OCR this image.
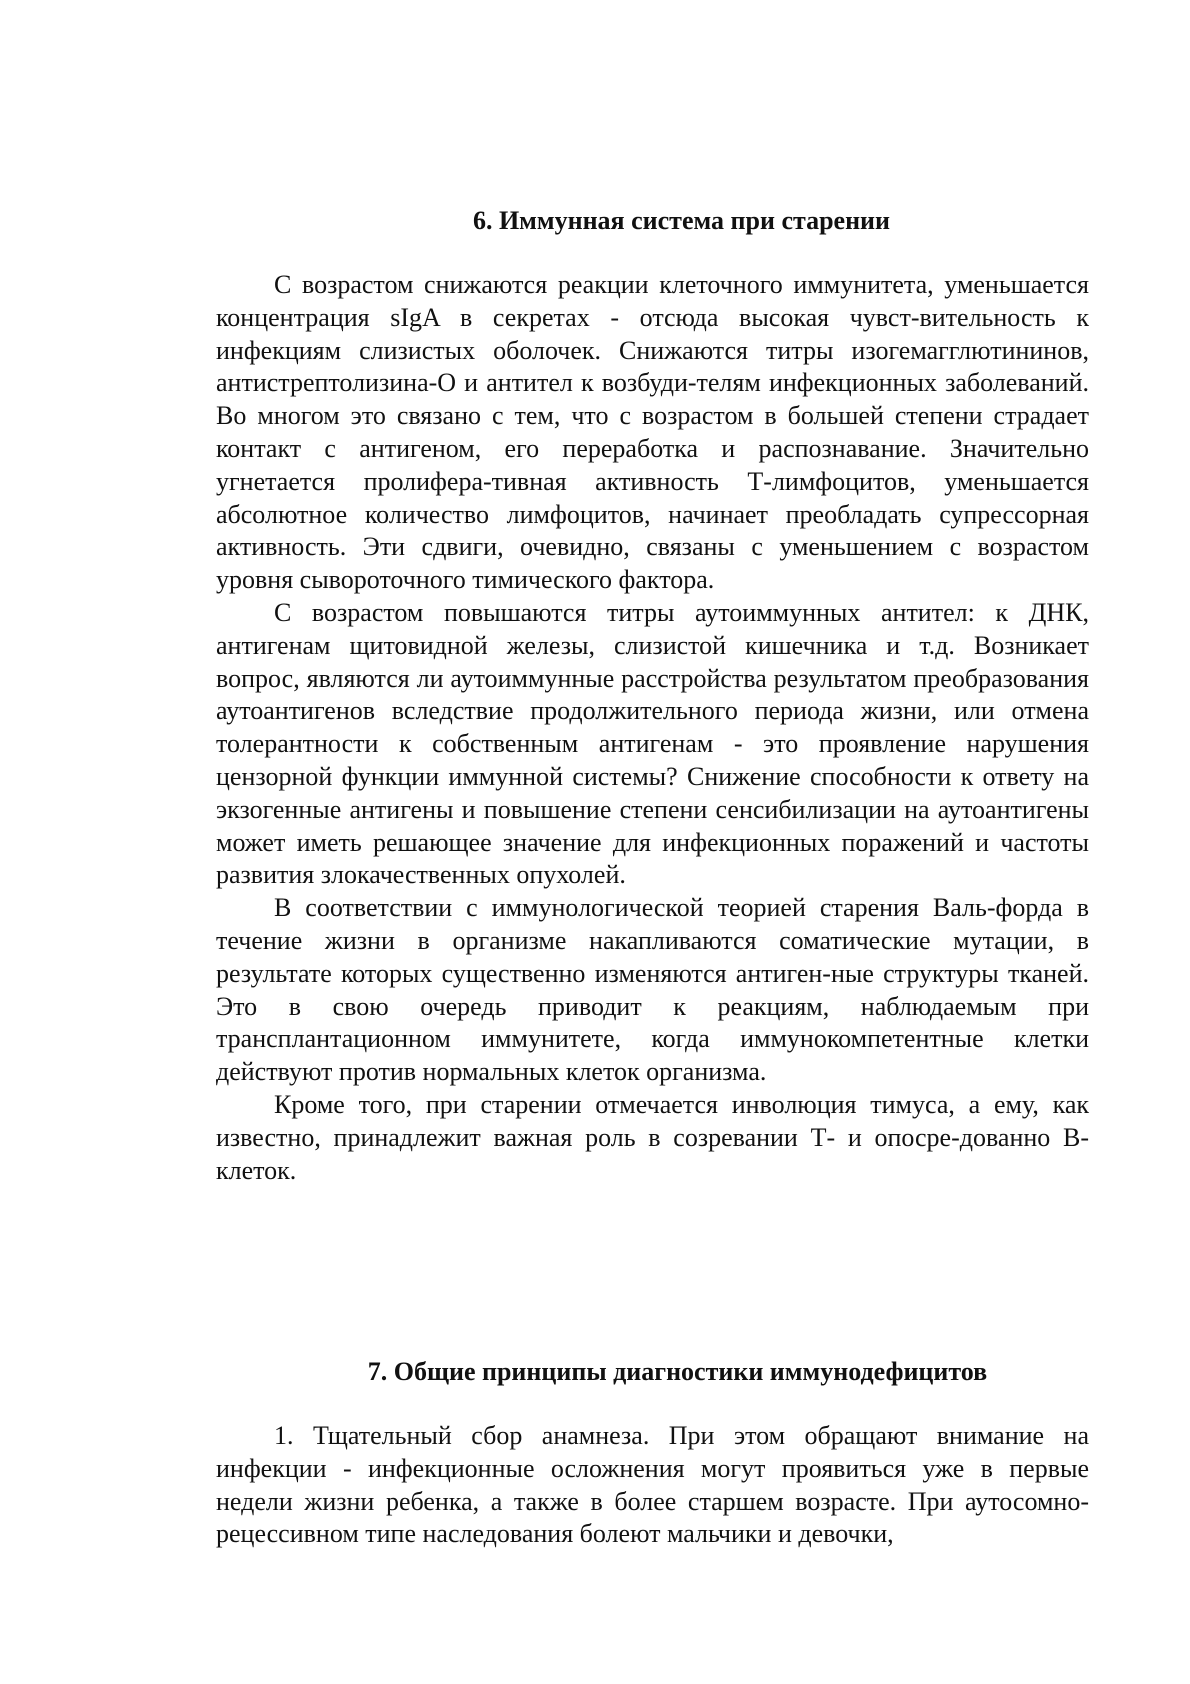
6. Иммунная система при старении

С возрастом снижаются реакции клеточного иммунитета, уменьшается концентрация sIgA в секретах - отсюда высокая чувст-вительность к инфекциям слизистых оболочек. Снижаются титры изогемагглютининов, антистрептолизина-О и антител к возбуди-телям инфекционных заболеваний. Во многом это связано с тем, что с возрастом в большей степени страдает контакт с антигеном, его переработка и распознавание. Значительно угнетается пролифера-тивная активность Т-лимфоцитов, уменьшается абсолютное количество лимфоцитов, начинает преобладать супрессорная активность. Эти сдвиги, очевидно, связаны с уменьшением с возрастом уровня сывороточного тимического фактора.

С возрастом повышаются титры аутоиммунных антител: к ДНК, антигенам щитовидной железы, слизистой кишечника и т.д. Возникает вопрос, являются ли аутоиммунные расстройства результатом преобразования аутоантигенов вследствие продолжительного периода жизни, или отмена толерантности к собственным антигенам - это проявление нарушения цензорной функции иммунной системы? Снижение способности к ответу на экзогенные антигены и повышение степени сенсибилизации на аутоантигены может иметь решающее значение для инфекционных поражений и частоты развития злокачественных опухолей.

В соответствии с иммунологической теорией старения Валь-форда в течение жизни в организме накапливаются соматические мутации, в результате которых существенно изменяются антиген-ные структуры тканей. Это в свою очередь приводит к реакциям, наблюдаемым при трансплантационном иммунитете, когда иммунокомпетентные клетки действуют против нормальных клеток организма.

Кроме того, при старении отмечается инволюция тимуса, а ему, как известно, принадлежит важная роль в созревании Т- и опосре-дованно В-клеток.

7. Общие принципы диагностики иммунодефицитов

1. Тщательный сбор анамнеза. При этом обращают внимание на инфекции - инфекционные осложнения могут проявиться уже в первые недели жизни ребенка, а также в более старшем возрасте. При аутосомно-рецессивном типе наследования болеют мальчики и девочки,
